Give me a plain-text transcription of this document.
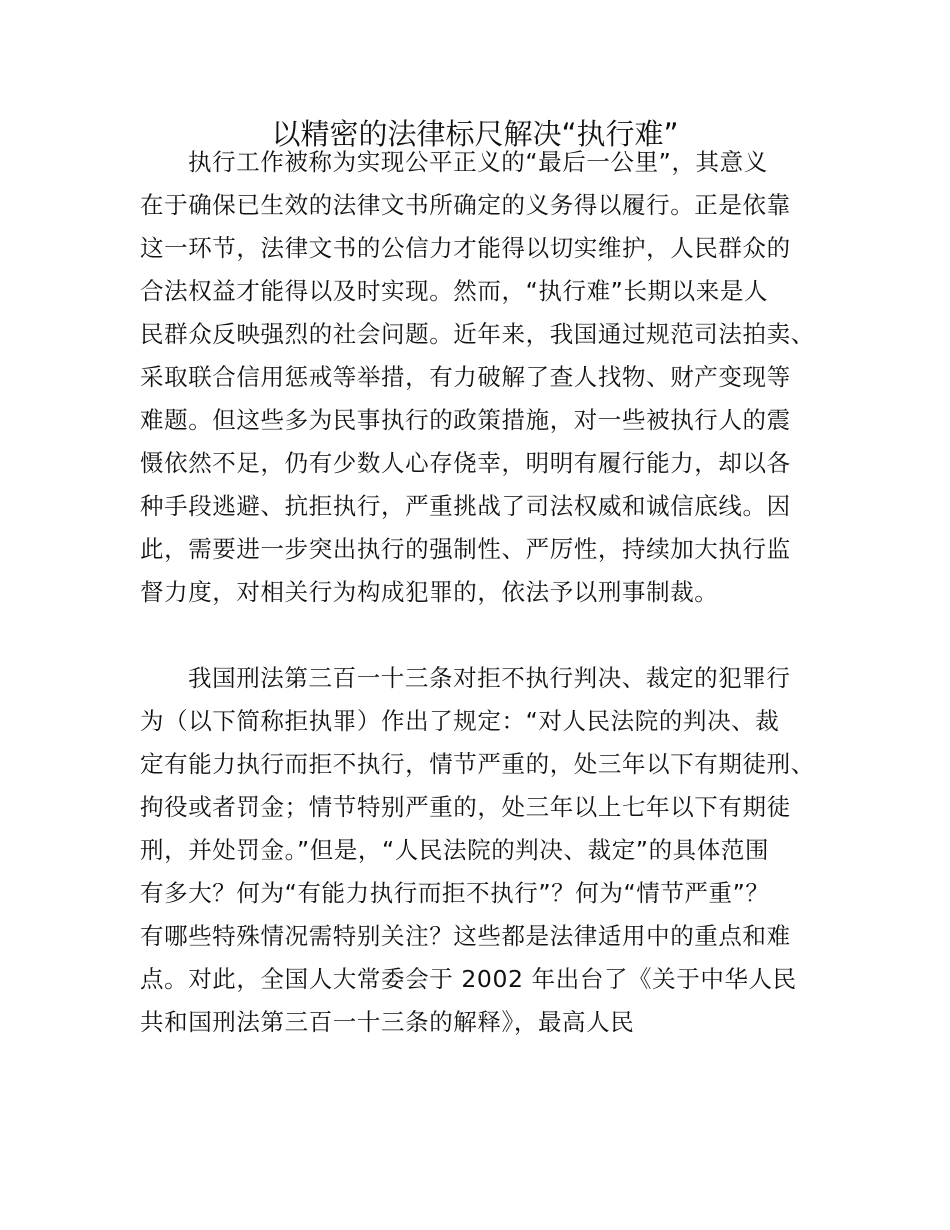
以精密的法律标尺解决“执行难”
执行工作被称为实现公平正义的“最后一公里”，其意义
在于确保已生效的法律文书所确定的义务得以履行。正是依靠
这一环节，法律文书的公信力才能得以切实维护，人民群众的
合法权益才能得以及时实现。然而，“执行难”长期以来是人
民群众反映强烈的社会问题。近年来，我国通过规范司法拍卖、
采取联合信用惩戒等举措，有力破解了查人找物、财产变现等
难题。但这些多为民事执行的政策措施，对一些被执行人的震
慑依然不足，仍有少数人心存侥幸，明明有履行能力，却以各
种手段逃避、抗拒执行，严重挑战了司法权威和诚信底线。因
此，需要进一步突出执行的强制性、严厉性，持续加大执行监
督力度，对相关行为构成犯罪的，依法予以刑事制裁。
我国刑法第三百一十三条对拒不执行判决、裁定的犯罪行
为（以下简称拒执罪）作出了规定：“对人民法院的判决、裁
定有能力执行而拒不执行，情节严重的，处三年以下有期徒刑、
拘役或者罚金；情节特别严重的，处三年以上七年以下有期徒
刑，并处罚金。”但是，“人民法院的判决、裁定”的具体范围
有多大？何为“有能力执行而拒不执行”？何为“情节严重”？
有哪些特殊情况需特别关注？这些都是法律适用中的重点和难
点。对此，全国人大常委会于 2002 年出台了《关于中华人民
共和国刑法第三百一十三条的解释》，最高人民
